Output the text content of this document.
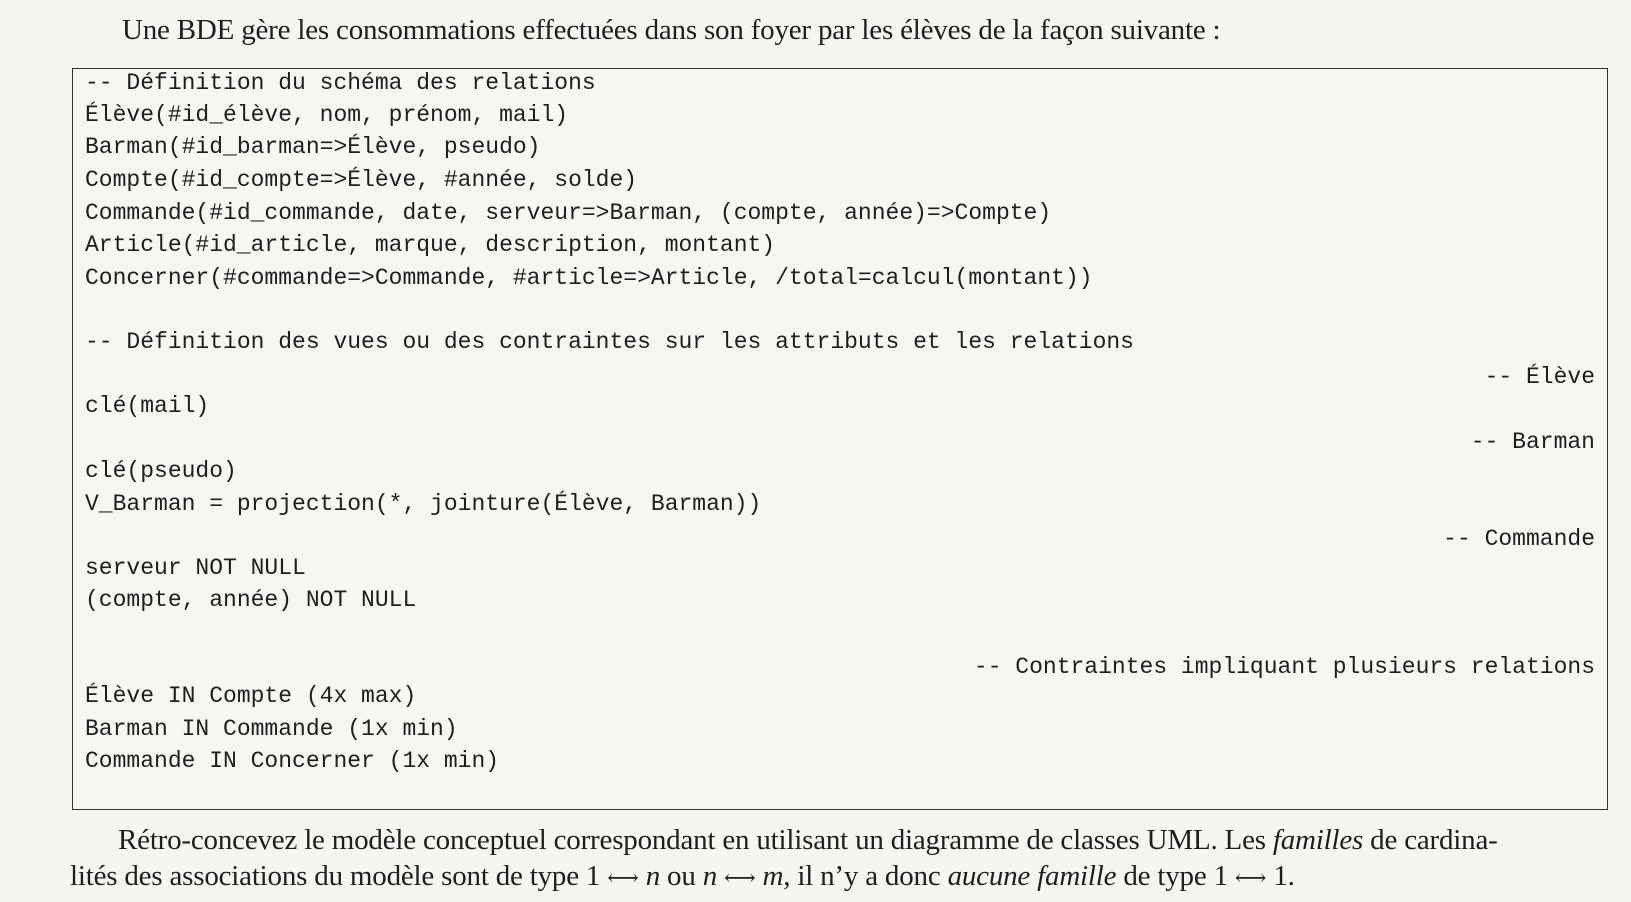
Une BDE gère les consommations effectuées dans son foyer par les élèves de la façon suivante :
-- Définition du schéma des relations
Élève(#id_élève, nom, prénom, mail)
Barman(#id_barman=>Élève, pseudo)
Compte(#id_compte=>Élève, #année, solde)
Commande(#id_commande, date, serveur=>Barman, (compte, année)=>Compte)
Article(#id_article, marque, description, montant)
Concerner(#commande=>Commande, #article=>Article, /total=calcul(montant))
-- Définition des vues ou des contraintes sur les attributs et les relations
-- Élève
clé(mail)
-- Barman
clé(pseudo)
V_Barman = projection(*, jointure(Élève, Barman))
-- Commande
serveur NOT NULL
(compte, année) NOT NULL
-- Contraintes impliquant plusieurs relations
Élève IN Compte (4x max)
Barman IN Commande (1x min)
Commande IN Concerner (1x min)

Rétro-concevez le modèle conceptuel correspondant en utilisant un diagramme de classes UML. Les familles de cardina-

lités des associations du modèle sont de type 1 ⟷ n ou n ⟷ m, il n’y a donc aucune famille de type 1 ⟷ 1.
